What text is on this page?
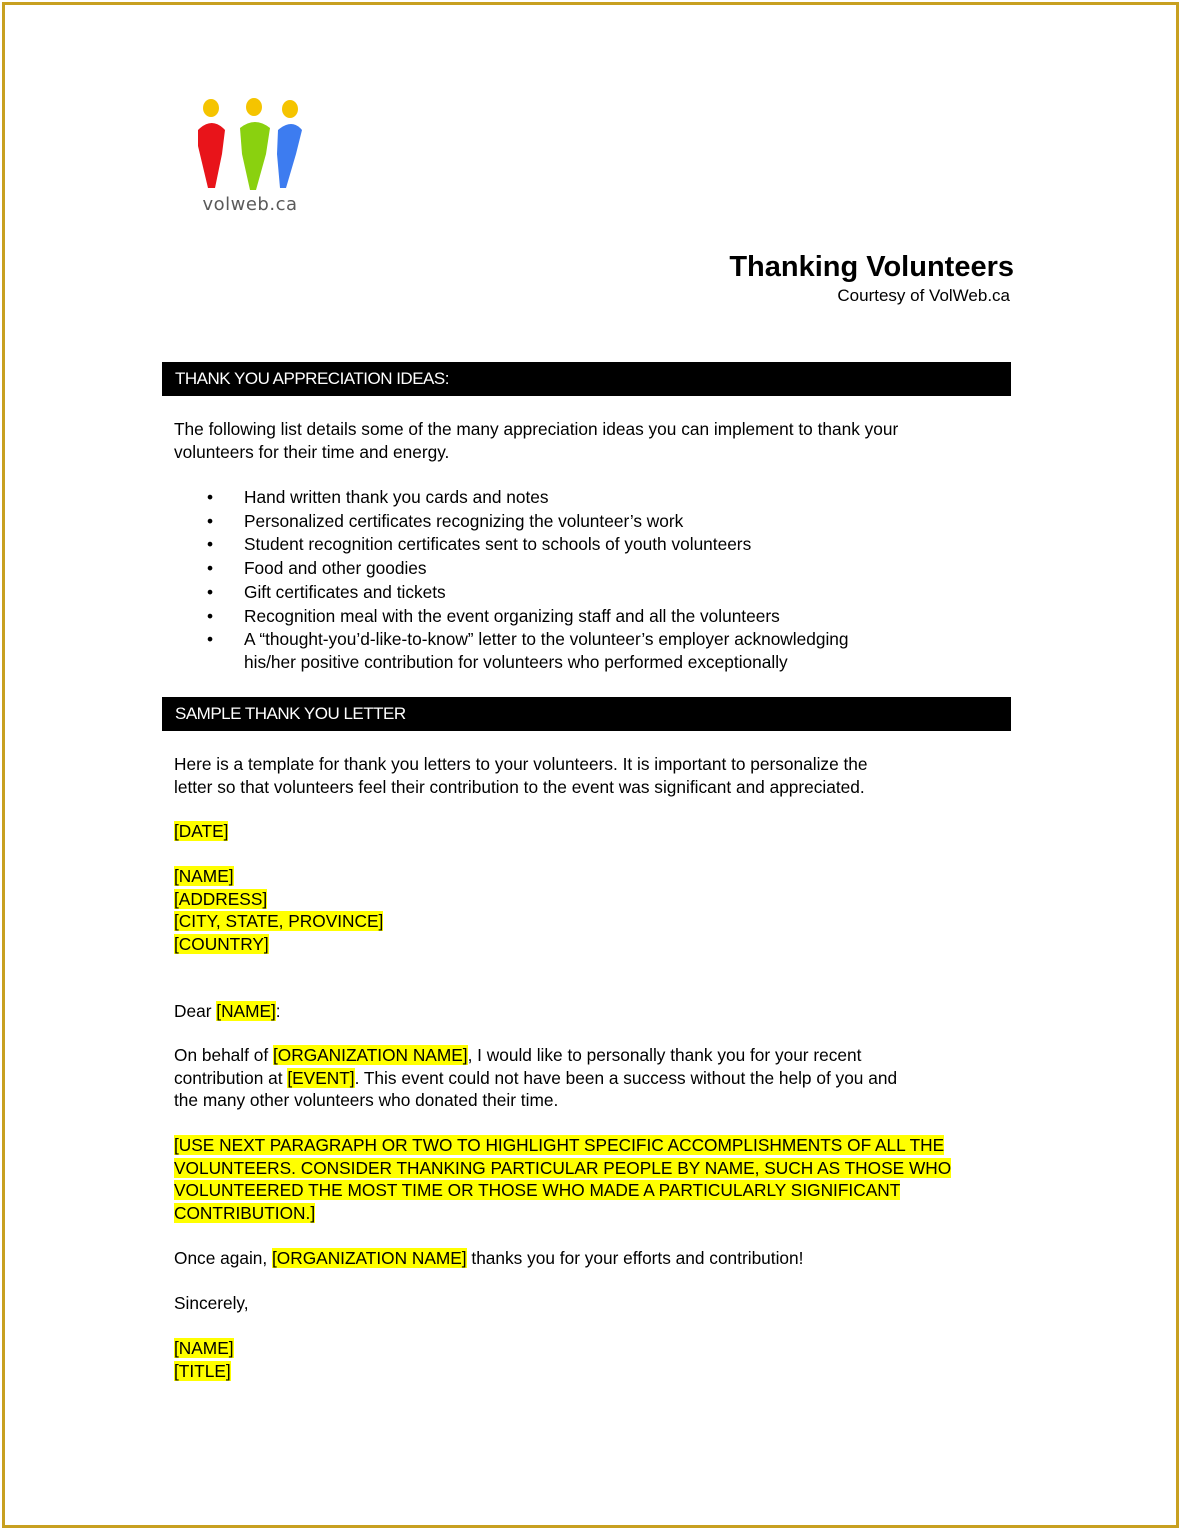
volweb.ca
Thanking Volunteers
Courtesy of VolWeb.ca
THANK YOU APPRECIATION IDEAS:

The following list details some of the many appreciation ideas you can implement to thank your
volunteers for their time and energy.

• Hand written thank you cards and notes
• Personalized certificates recognizing the volunteer’s work
• Student recognition certificates sent to schools of youth volunteers
• Food and other goodies
• Gift certificates and tickets
• Recognition meal with the event organizing staff and all the volunteers
• A “thought-you’d-like-to-know” letter to the volunteer’s employer acknowledging
his/her positive contribution for volunteers who performed exceptionally
SAMPLE THANK YOU LETTER

Here is a template for thank you letters to your volunteers. It is important to personalize the
letter so that volunteers feel their contribution to the event was significant and appreciated.

[DATE]

[NAME]
[ADDRESS]
[CITY, STATE, PROVINCE]
[COUNTRY]

Dear [NAME]:

On behalf of [ORGANIZATION NAME], I would like to personally thank you for your recent
contribution at [EVENT]. This event could not have been a success without the help of you and
the many other volunteers who donated their time.

[USE NEXT PARAGRAPH OR TWO TO HIGHLIGHT SPECIFIC ACCOMPLISHMENTS OF ALL THE
VOLUNTEERS. CONSIDER THANKING PARTICULAR PEOPLE BY NAME, SUCH AS THOSE WHO
VOLUNTEERED THE MOST TIME OR THOSE WHO MADE A PARTICULARLY SIGNIFICANT
CONTRIBUTION.]

Once again, [ORGANIZATION NAME] thanks you for your efforts and contribution!

Sincerely,

[NAME]
[TITLE]
